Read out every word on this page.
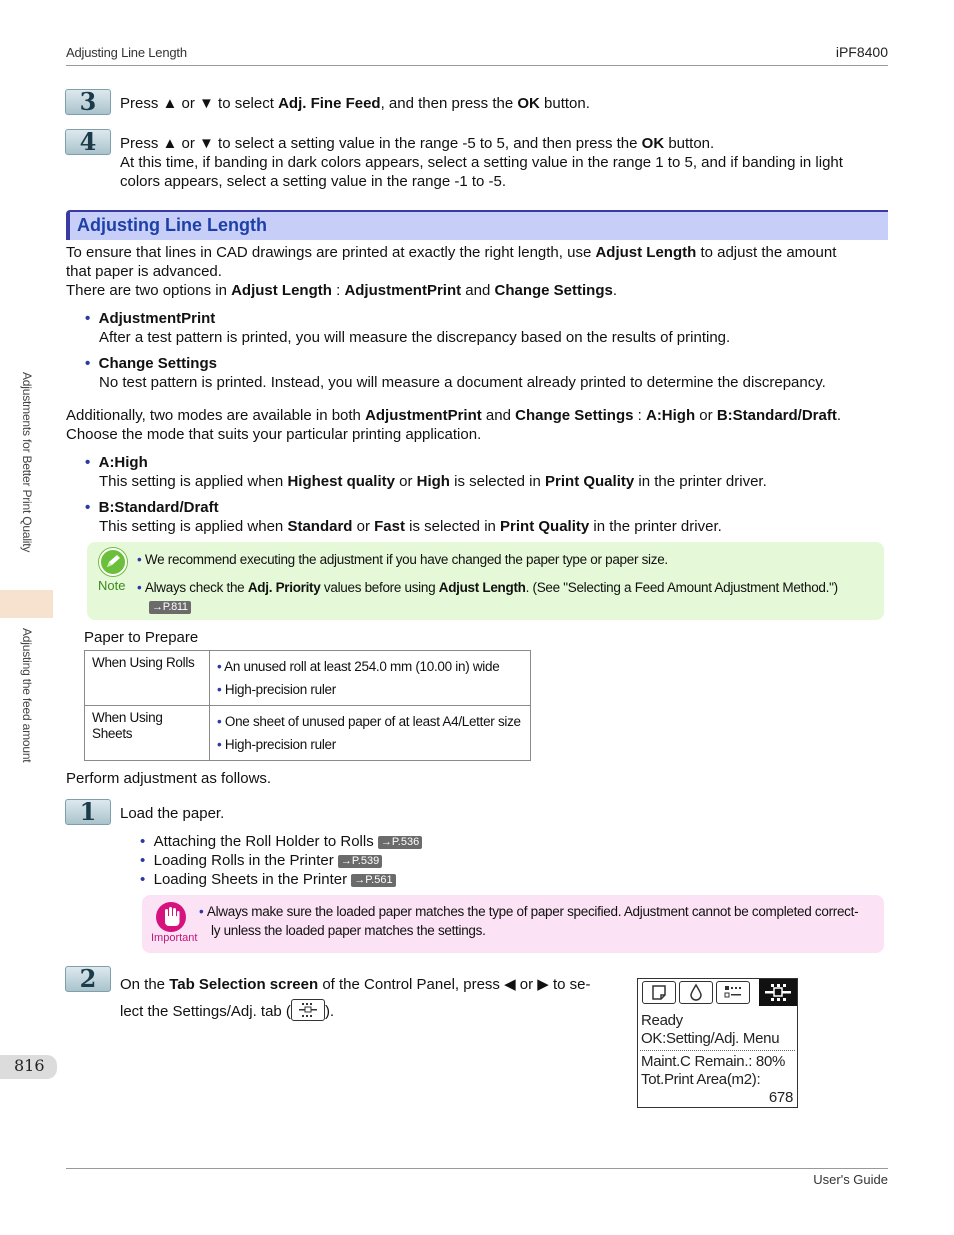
Adjusting Line Length	iPF8400
Adjustments for Better Print Quality
Adjusting the feed amount
816
3	Press ▲ or ▼ to select Adj. Fine Feed, and then press the OK button.
4	Press ▲ or ▼ to select a setting value in the range -5 to 5, and then press the OK button.
At this time, if banding in dark colors appears, select a setting value in the range 1 to 5, and if banding in light
colors appears, select a setting value in the range -1 to -5.
Adjusting Line Length
To ensure that lines in CAD drawings are printed at exactly the right length, use Adjust Length to adjust the amount
that paper is advanced.
There are two options in Adjust Length : AdjustmentPrint and Change Settings.
• AdjustmentPrint
After a test pattern is printed, you will measure the discrepancy based on the results of printing.
• Change Settings
No test pattern is printed. Instead, you will measure a document already printed to determine the discrepancy.
Additionally, two modes are available in both AdjustmentPrint and Change Settings : A:High or B:Standard/Draft.
Choose the mode that suits your particular printing application.
• A:High
This setting is applied when Highest quality or High is selected in Print Quality in the printer driver.
• B:Standard/Draft
This setting is applied when Standard or Fast is selected in Print Quality in the printer driver.
Note
• We recommend executing the adjustment if you have changed the paper type or paper size.
• Always check the Adj. Priority values before using Adjust Length. (See "Selecting a Feed Amount Adjustment Method.")
→P.811
Paper to Prepare
When Using Rolls	• An unused roll at least 254.0 mm (10.00 in) wide
• High-precision ruler

When Using Sheets	• One sheet of unused paper of at least A4/Letter size
• High-precision ruler
Perform adjustment as follows.
1	Load the paper.
• Attaching the Roll Holder to Rolls →P.536
• Loading Rolls in the Printer →P.539
• Loading Sheets in the Printer →P.561
Important
• Always make sure the loaded paper matches the type of paper specified. Adjustment cannot be completed correct-
ly unless the loaded paper matches the settings.
2	On the Tab Selection screen of the Control Panel, press ◀ or ▶ to se-
lect the Settings/Adj. tab ( ).
Ready
OK:Setting/Adj. Menu
Maint.C Remain.: 80%
Tot.Print Area(m2):
678
User's Guide
